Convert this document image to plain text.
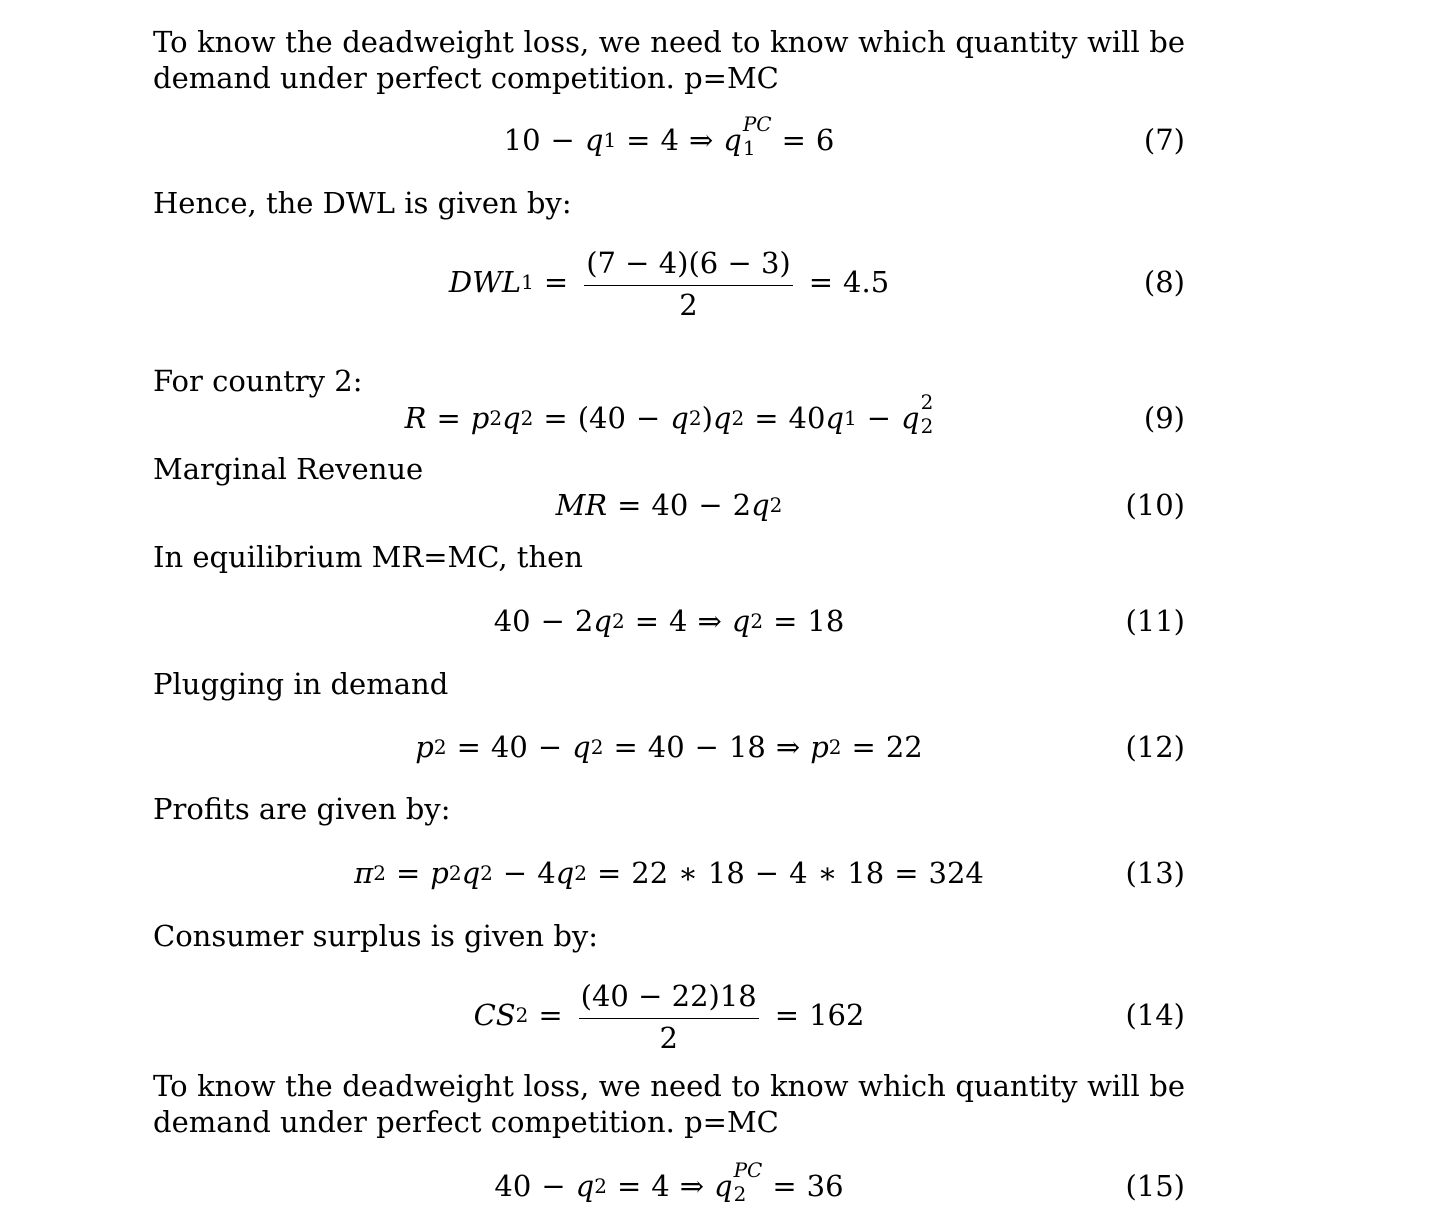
To know the deadweight loss, we need to know which quantity will be demand under perfect competition. p=MC

10 − q 1 = 4 ⇒ q PC
1 = 6	(7)

Hence, the DWL is given by:

DWL $1 = \frac{(7 - 4)(6 - 3)}{2} = 4.5$	(8)

For country 2:

R = p 2 q 2 = (40 − q 2 ) q 2 = 40 q 1 − q 2
2	(9)

Marginal Revenue

MR = 40 − 2 q 2	(10)

In equilibrium MR=MC, then

40 − 2 q 2 = 4 ⇒ q 2 = 18	(11)

Plugging in demand

p 2 = 40 − q 2 = 40 − 18 ⇒ p 2 = 22	(12)

Profits are given by:

π 2 = p 2 q 2 − 4 q 2 = 22 ∗ 18 − 4 ∗ 18 = 324	(13)

Consumer surplus is given by:

CS $2 = \frac{(40 - 22)18}{2} = 162$	(14)

To know the deadweight loss, we need to know which quantity will be demand under perfect competition. p=MC

40 − q 2 = 4 ⇒ q PC
2 = 36	(15)
